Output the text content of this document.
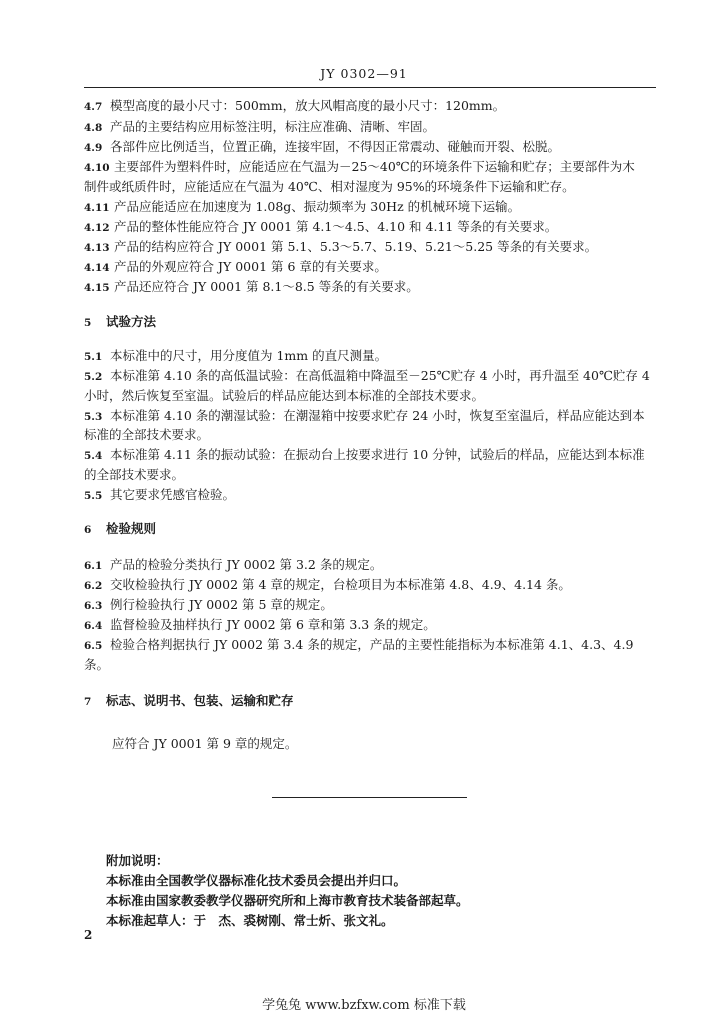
JY 0302—91
4.7 模型高度的最小尺寸：500mm，放大风帽高度的最小尺寸：120mm。
4.8 产品的主要结构应用标签注明，标注应准确、清晰、牢固。
4.9 各部件应比例适当，位置正确，连接牢固，不得因正常震动、碰触而开裂、松脱。
4.10 主要部件为塑料件时，应能适应在气温为－25～40℃的环境条件下运输和贮存；主要部件为木
制件或纸质件时，应能适应在气温为 40℃、相对湿度为 95%的环境条件下运输和贮存。
4.11 产品应能适应在加速度为 1.08g、振动频率为 30Hz 的机械环境下运输。
4.12 产品的整体性能应符合 JY 0001 第 4.1～4.5、4.10 和 4.11 等条的有关要求。
4.13 产品的结构应符合 JY 0001 第 5.1、5.3～5.7、5.19、5.21～5.25 等条的有关要求。
4.14 产品的外观应符合 JY 0001 第 6 章的有关要求。
4.15 产品还应符合 JY 0001 第 8.1～8.5 等条的有关要求。
5 试验方法
5.1 本标准中的尺寸，用分度值为 1mm 的直尺测量。
5.2 本标准第 4.10 条的高低温试验：在高低温箱中降温至－25℃贮存 4 小时，再升温至 40℃贮存 4
小时，然后恢复至室温。试验后的样品应能达到本标准的全部技术要求。
5.3 本标准第 4.10 条的潮湿试验：在潮湿箱中按要求贮存 24 小时，恢复至室温后，样品应能达到本
标准的全部技术要求。
5.4 本标准第 4.11 条的振动试验：在振动台上按要求进行 10 分钟，试验后的样品，应能达到本标准
的全部技术要求。
5.5 其它要求凭感官检验。
6 检验规则
6.1 产品的检验分类执行 JY 0002 第 3.2 条的规定。
6.2 交收检验执行 JY 0002 第 4 章的规定，台检项目为本标准第 4.8、4.9、4.14 条。
6.3 例行检验执行 JY 0002 第 5 章的规定。
6.4 监督检验及抽样执行 JY 0002 第 6 章和第 3.3 条的规定。
6.5 检验合格判据执行 JY 0002 第 3.4 条的规定，产品的主要性能指标为本标准第 4.1、4.3、4.9
条。
7 标志、说明书、包装、运输和贮存
应符合 JY 0001 第 9 章的规定。
附加说明：
本标准由全国教学仪器标准化技术委员会提出并归口。
本标准由国家教委教学仪器研究所和上海市教育技术装备部起草。
本标准起草人：于　杰、裘树刚、常士炘、张文礼。
2
学兔兔 www.bzfxw.com 标准下载
